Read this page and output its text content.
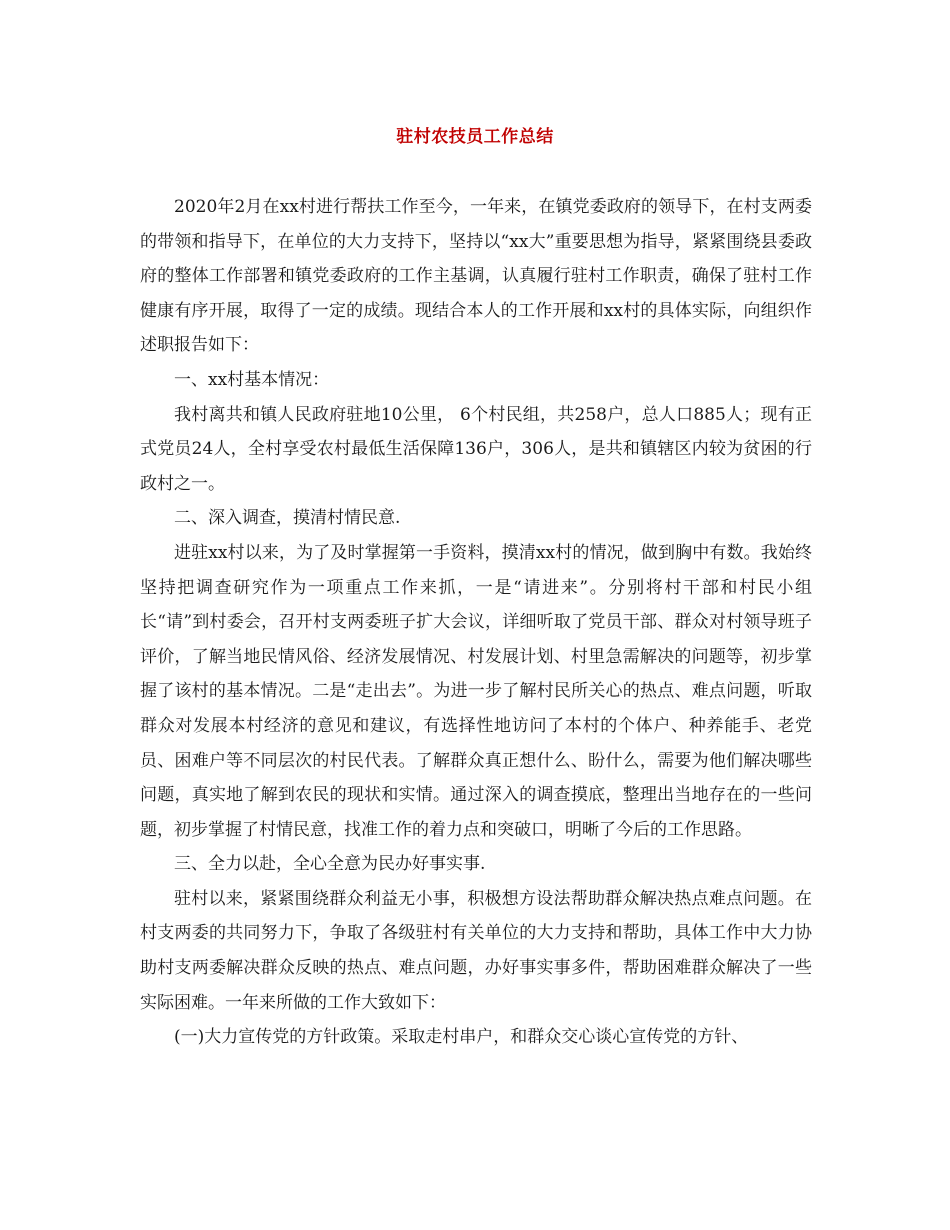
驻村农技员工作总结

2020年2月在xx村进行帮扶工作至今，一年来，在镇党委政府的领导下，在村支两委的带领和指导下，在单位的大力支持下，坚持以“xx大”重要思想为指导，紧紧围绕县委政府的整体工作部署和镇党委政府的工作主基调，认真履行驻村工作职责，确保了驻村工作健康有序开展，取得了一定的成绩。现结合本人的工作开展和xx村的具体实际，向组织作述职报告如下：

一、xx村基本情况：

我村离共和镇人民政府驻地10公里， 6个村民组，共258户，总人口885人；现有正式党员24人，全村享受农村最低生活保障136户，306人，是共和镇辖区内较为贫困的行政村之一。

二、深入调查，摸清村情民意.

进驻xx村以来，为了及时掌握第一手资料，摸清xx村的情况，做到胸中有数。我始终坚持把调查研究作为一项重点工作来抓，一是“请进来”。分别将村干部和村民小组长“请”到村委会，召开村支两委班子扩大会议，详细听取了党员干部、群众对村领导班子评价，了解当地民情风俗、经济发展情况、村发展计划、村里急需解决的问题等，初步掌握了该村的基本情况。二是“走出去”。为进一步了解村民所关心的热点、难点问题，听取群众对发展本村经济的意见和建议，有选择性地访问了本村的个体户、种养能手、老党员、困难户等不同层次的村民代表。了解群众真正想什么、盼什么，需要为他们解决哪些问题，真实地了解到农民的现状和实情。通过深入的调查摸底，整理出当地存在的一些问题，初步掌握了村情民意，找准工作的着力点和突破口，明晰了今后的工作思路。

三、全力以赴，全心全意为民办好事实事.

驻村以来，紧紧围绕群众利益无小事，积极想方设法帮助群众解决热点难点问题。在村支两委的共同努力下，争取了各级驻村有关单位的大力支持和帮助，具体工作中大力协助村支两委解决群众反映的热点、难点问题，办好事实事多件，帮助困难群众解决了一些实际困难。一年来所做的工作大致如下：

(一)大力宣传党的方针政策。采取走村串户，和群众交心谈心宣传党的方针、
